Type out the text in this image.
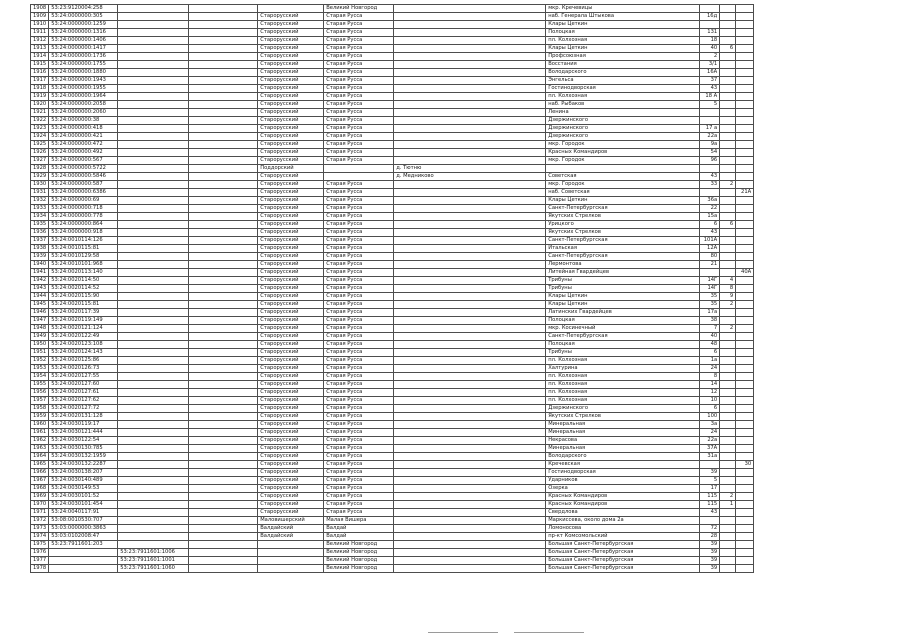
1908	53:23:9120004:258				Великий Новгород		мкр. Кречевицы			
1909	53:24:0000000:305			Старорусский	Старая Русса		наб. Генерала Штыкова	16д		
1910	53:24:0000000:1259			Старорусский	Старая Русса		Клары Цеткин			
1911	53:24:0000000:1316			Старорусский	Старая Русса		Полоцкая	131		
1912	53:24:0000000:1406			Старорусский	Старая Русса		пл. Колхозная	18		
1913	53:24:0000000:1417			Старорусский	Старая Русса		Клары Цеткин	40	6	
1914	53:24:0000000:1736			Старорусский	Старая Русса		Профсоюзная	2		
1915	53:24:0000000:1755			Старорусский	Старая Русса		Восстания	3/1		
1916	53:24:0000000:1880			Старорусский	Старая Русса		Володарского	16А		
1917	53:24:0000000:1943			Старорусский	Старая Русса		Энгельса	37		
1918	53:24:0000000:1955			Старорусский	Старая Русса		Гостинодворская	43		
1919	53:24:0000000:1964			Старорусский	Старая Русса		пл. Колхозная	18 А		
1920	53:24:0000000:2058			Старорусский	Старая Русса		наб. Рыбаков	5		
1921	53:24:0000000:2060			Старорусский	Старая Русса		Ленина			
1922	53:24:0000000:38			Старорусский	Старая Русса		Дзержинского			
1923	53:24:0000000:418			Старорусский	Старая Русса		Дзержинского	17 а		
1924	53:24:0000000:421			Старорусский	Старая Русса		Дзержинского	22а		
1925	53:24:0000000:472			Старорусский	Старая Русса		мкр. Городок	9а		
1926	53:24:0000000:492			Старорусский	Старая Русса		Красных Командиров	54		
1927	53:24:0000000:567			Старорусский	Старая Русса		мкр. Городок	96		
1928	53:24:0000000:5722			Поддорский		д. Тютню				
1929	53:24:0000000:5846			Старорусский		д. Медниково	Советская	43		
1930	53:24:0000000:587			Старорусский	Старая Русса		мкр. Городок	33	2	
1931	53:24:0000000:6386			Старорусский	Старая Русса		наб. Советская			21А
1932	53:24:0000000:69			Старорусский	Старая Русса		Клары Цеткин	36а		
1933	53:24:0000000:718			Старорусский	Старая Русса		Санкт-Петербургская	22		
1934	53:24:0000000:778			Старорусский	Старая Русса		Якутских Стрелков	15а		
1935	53:24:0000000:864			Старорусский	Старая Русса		Урицкого	6	6	
1936	53:24:0000000:918			Старорусский	Старая Русса		Якутских Стрелков	43		
1937	53:24:0010114:126			Старорусский	Старая Русса		Санкт-Петербургская	101А		
1938	53:24:0010115:81			Старорусский	Старая Русса		Итальская	12А		
1939	53:24:0010129:58			Старорусский	Старая Русса		Санкт-Петербургская	80		
1940	53:24:0010101:968			Старорусский	Старая Русса		Лермонтова	21		
1941	53:24:0020113:140			Старорусский	Старая Русса		Литейная Гвардейцев			40А
1942	53:24:0020114:50			Старорусский	Старая Русса		Трибуны	14Г	4	
1943	53:24:0020114:52			Старорусский	Старая Русса		Трибуны	14Г	8	
1944	53:24:0020115:90			Старорусский	Старая Русса		Клары Цеткин	35	9	
1945	53:24:0020115:81			Старорусский	Старая Русса		Клары Цеткин	35	2	
1946	53:24:0020117:39			Старорусский	Старая Русса		Латинских Гвардейцев	17а		
1947	53:24:0020119:149			Старорусский	Старая Русса		Полоцкая	38		
1948	53:24:0020121:124			Старорусский	Старая Русса		мкр. Косинечный	7	2	
1949	53:24:0020122:49			Старорусский	Старая Русса		Санкт-Петербургская	40		
1950	53:24:0020123:108			Старорусский	Старая Русса		Полоцкая	48		
1951	53:24:0020124:143			Старорусский	Старая Русса		Трибуны	6		
1952	53:24:0020125:86			Старорусский	Старая Русса		пл. Колхозная	1а		
1953	53:24:0020126:73			Старорусский	Старая Русса		Халтурина	24		
1954	53:24:0020127:55			Старорусский	Старая Русса		пл. Колхозная	8		
1955	53:24:0020127:60			Старорусский	Старая Русса		пл. Колхозная	14		
1956	53:24:0020127:61			Старорусский	Старая Русса		пл. Колхозная	12		
1957	53:24:0020127:62			Старорусский	Старая Русса		пл. Колхозная	10		
1958	53:24:0020127:72			Старорусский	Старая Русса		Дзержинского	6		
1959	53:24:0020131:128			Старорусский	Старая Русса		Якутских Стрелков	100		
1960	53:24:0030119:17			Старорусский	Старая Русса		Минеральная	3а		
1961	53:24:0030121:444			Старорусский	Старая Русса		Минеральная	24		
1962	53:24:0030122:54			Старорусский	Старая Русса		Некрасова	22а		
1963	53:24:0030130:785			Старорусский	Старая Русса		Минеральная	37А		
1964	53:24:0030132:1959			Старорусский	Старая Русса		Володарского	31а		
1965	53:24:0030132:2287			Старорусский	Старая Русса		Кречевская			30
1966	53:24:0030138:207			Старорусский	Старая Русса		Гостинодворская	39		
1967	53:24:0030140:489			Старорусский	Старая Русса		Ударников	5		
1968	53:24:0030149:53			Старорусский	Старая Русса		Озерка	17		
1969	53:24:0030101:52			Старорусский	Старая Русса		Красных Командиров	115	2	
1970	53:24:0030101:454			Старорусский	Старая Русса		Красных Командиров	115	1	
1971	53:24:0040117:91			Старорусский	Старая Русса		Свердлова	43		
1972	53:08:0010530:707			Маловишерский	Малая Вишера		Маркиссева, около дома 2а			
1973	53:03:0000000:3863			Валдайский	Валдай		Ломоносова	72		
1974	53:03:0102008:47			Валдайский	Валдай		пр-кт Комсомольский	28		
1975	53:23:7911601:203				Великий Новгород		Большая Санкт-Петербургская	39		
1976		53:23:7911601:1006			Великий Новгород		Большая Санкт-Петербургская	39		
1977		53:23:7911601:1001			Великий Новгород		Большая Санкт-Петербургская	39		
1978		53:23:7911601:1060			Великий Новгород		Большая Санкт-Петербургская	39		
